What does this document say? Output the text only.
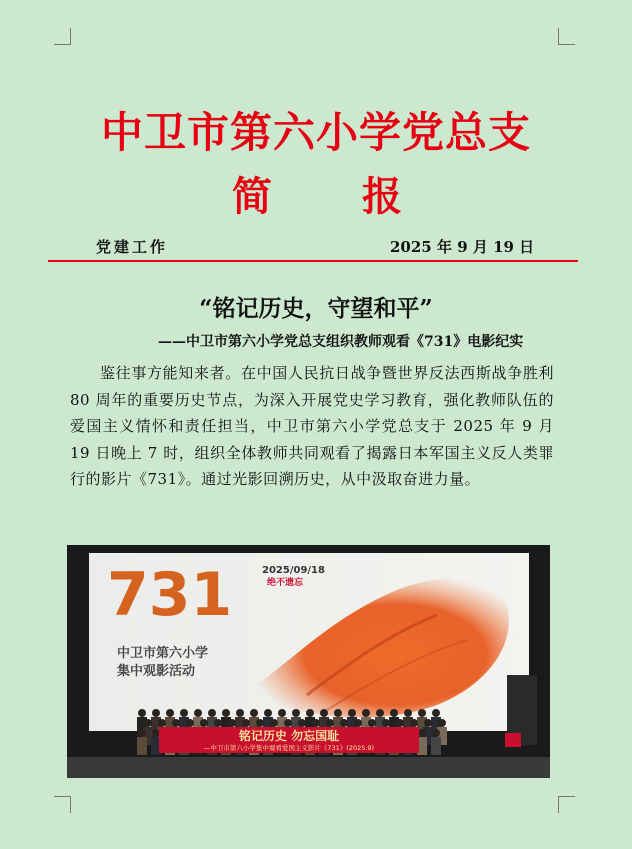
中卫市第六小学党总支
简 报
党建工作	2025 年 9 月 19 日
“铭记历史，守望和平”
——中卫市第六小学党总支组织教师观看《731》电影纪实
鉴往事方能知来者。在中国人民抗日战争暨世界反法西斯战争胜利 80 周年的重要历史节点，为深入开展党史学习教育，强化教师队伍的爱国主义情怀和责任担当，中卫市第六小学党总支于 2025 年 9 月 19 日晚上 7 时，组织全体教师共同观看了揭露日本军国主义反人类罪行的影片《731》。通过光影回溯历史，从中汲取奋进力量。
731	2025/09/18
绝不遗忘
中卫市第六小学
集中观影活动
铭记历史 勿忘国耻
—中卫市第六小学集中观看爱国主义影片《731》(2025.9)
